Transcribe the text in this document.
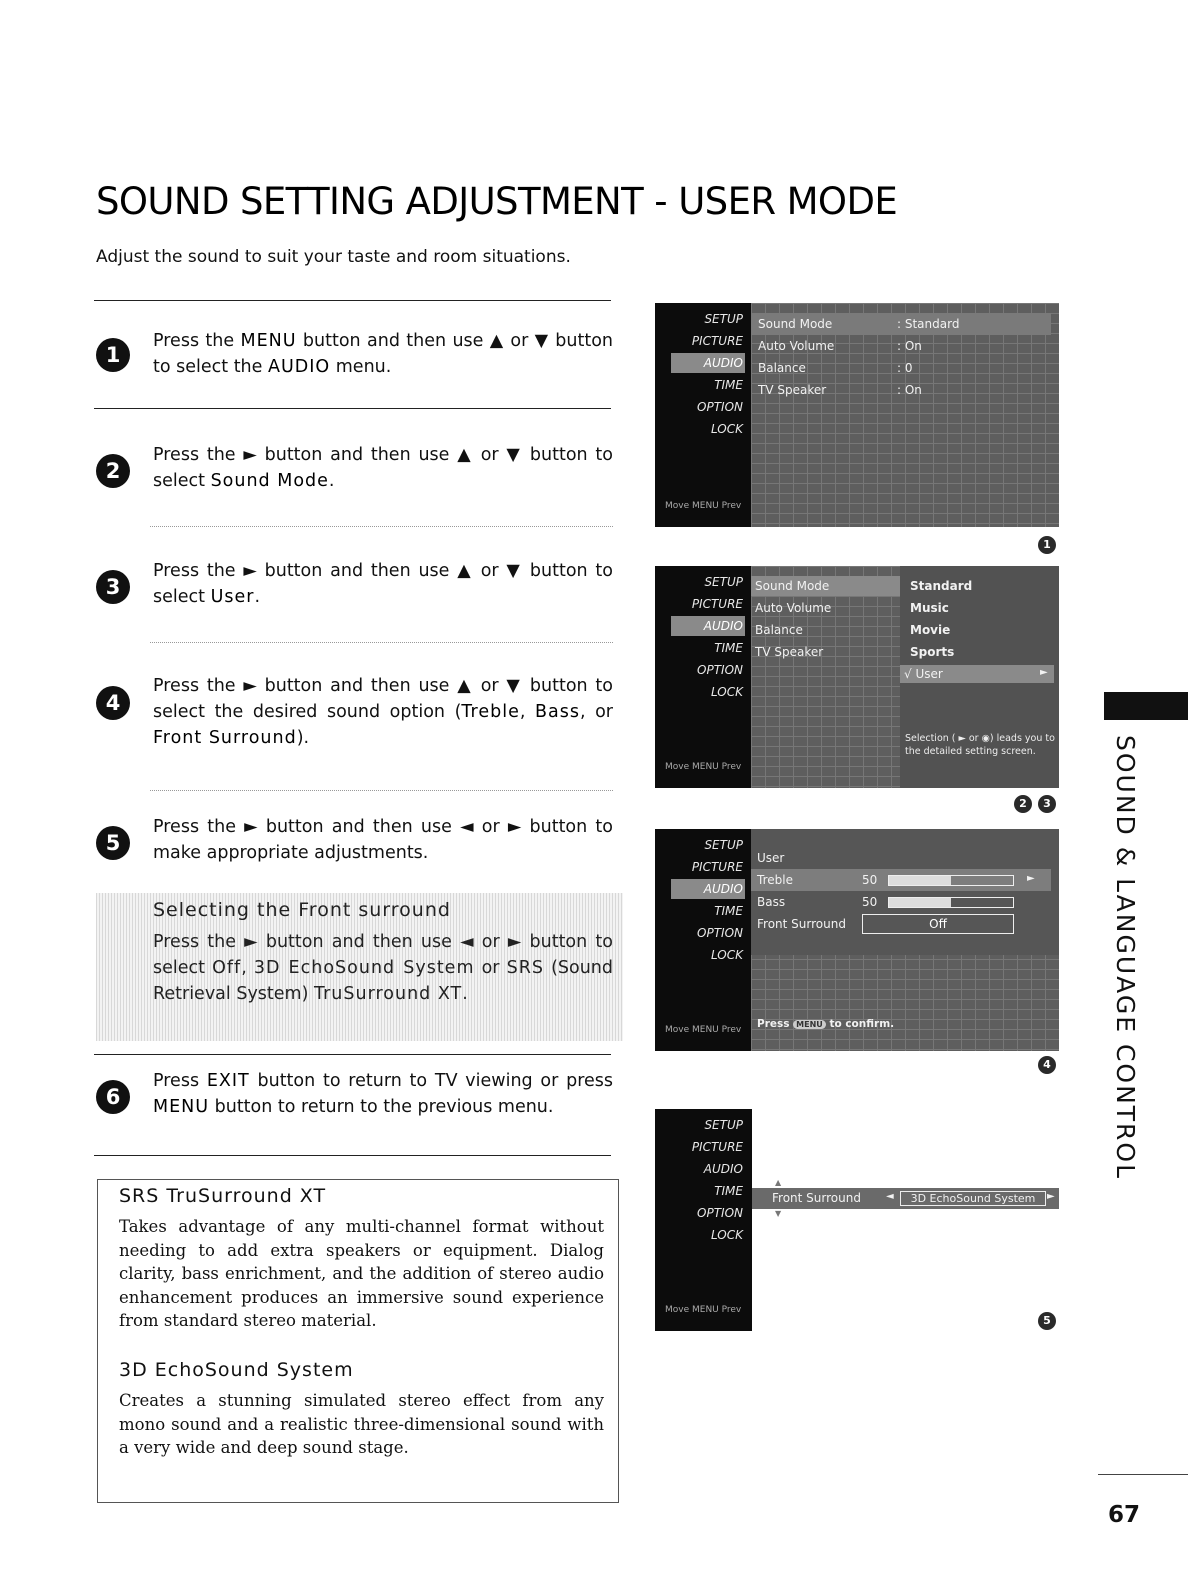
SOUND SETTING ADJUSTMENT - USER MODE
Adjust the sound to suit your taste and room situations.
1
Press the MENU button and then use ▲ or ▼ button to select the AUDIO menu.
2
Press the ► button and then use ▲ or ▼ button to select Sound Mode.
3
Press the ► button and then use ▲ or ▼ button to select User.
4
Press the ► button and then use ▲ or ▼ button to select the desired sound option (Treble, Bass, or Front Surround).
5
Press the ► button and then use ◄ or ► button to make appropriate adjustments.
Selecting the Front surround
Press the ► button and then use ◄ or ► button to select Off, 3D EchoSound System or SRS (Sound Retrieval System) TruSurround XT.
6
Press EXIT button to return to TV viewing or press MENU button to return to the previous menu.
SRS TruSurround XT
Takes advantage of any multi-channel format without needing to add extra speakers or equipment. Dialog clarity, bass enrichment, and the addition of stereo audio enhancement produces an immersive sound experience from standard stereo material.
3D EchoSound System
Creates a stunning simulated stereo effect from any mono sound and a realistic three-dimensional sound with a very wide and deep sound stage.
SETUP
PICTURE
AUDIO
TIME
OPTION
LOCK
Move MENU Prev
Sound Mode	: Standard
Auto Volume	: On
Balance	: 0
TV Speaker	: On
1
SETUP
PICTURE
AUDIO
TIME
OPTION
LOCK
Move MENU Prev
Sound Mode
Auto Volume
Balance
TV Speaker
Standard
Music
Movie
Sports
√ User	►
Selection ( ► or ◉) leads you to the detailed setting screen.
2	3
SETUP
PICTURE
AUDIO
TIME
OPTION
LOCK
Move MENU Prev
User
Treble	50	►
Bass	50
Front Surround	Off
Press MENU to confirm.
4
SETUP
PICTURE
AUDIO
TIME
OPTION
LOCK
Move MENU Prev
Front Surround	◄	3D EchoSound System	►
▲
▼
5
SOUND & LANGUAGE CONTROL
67
